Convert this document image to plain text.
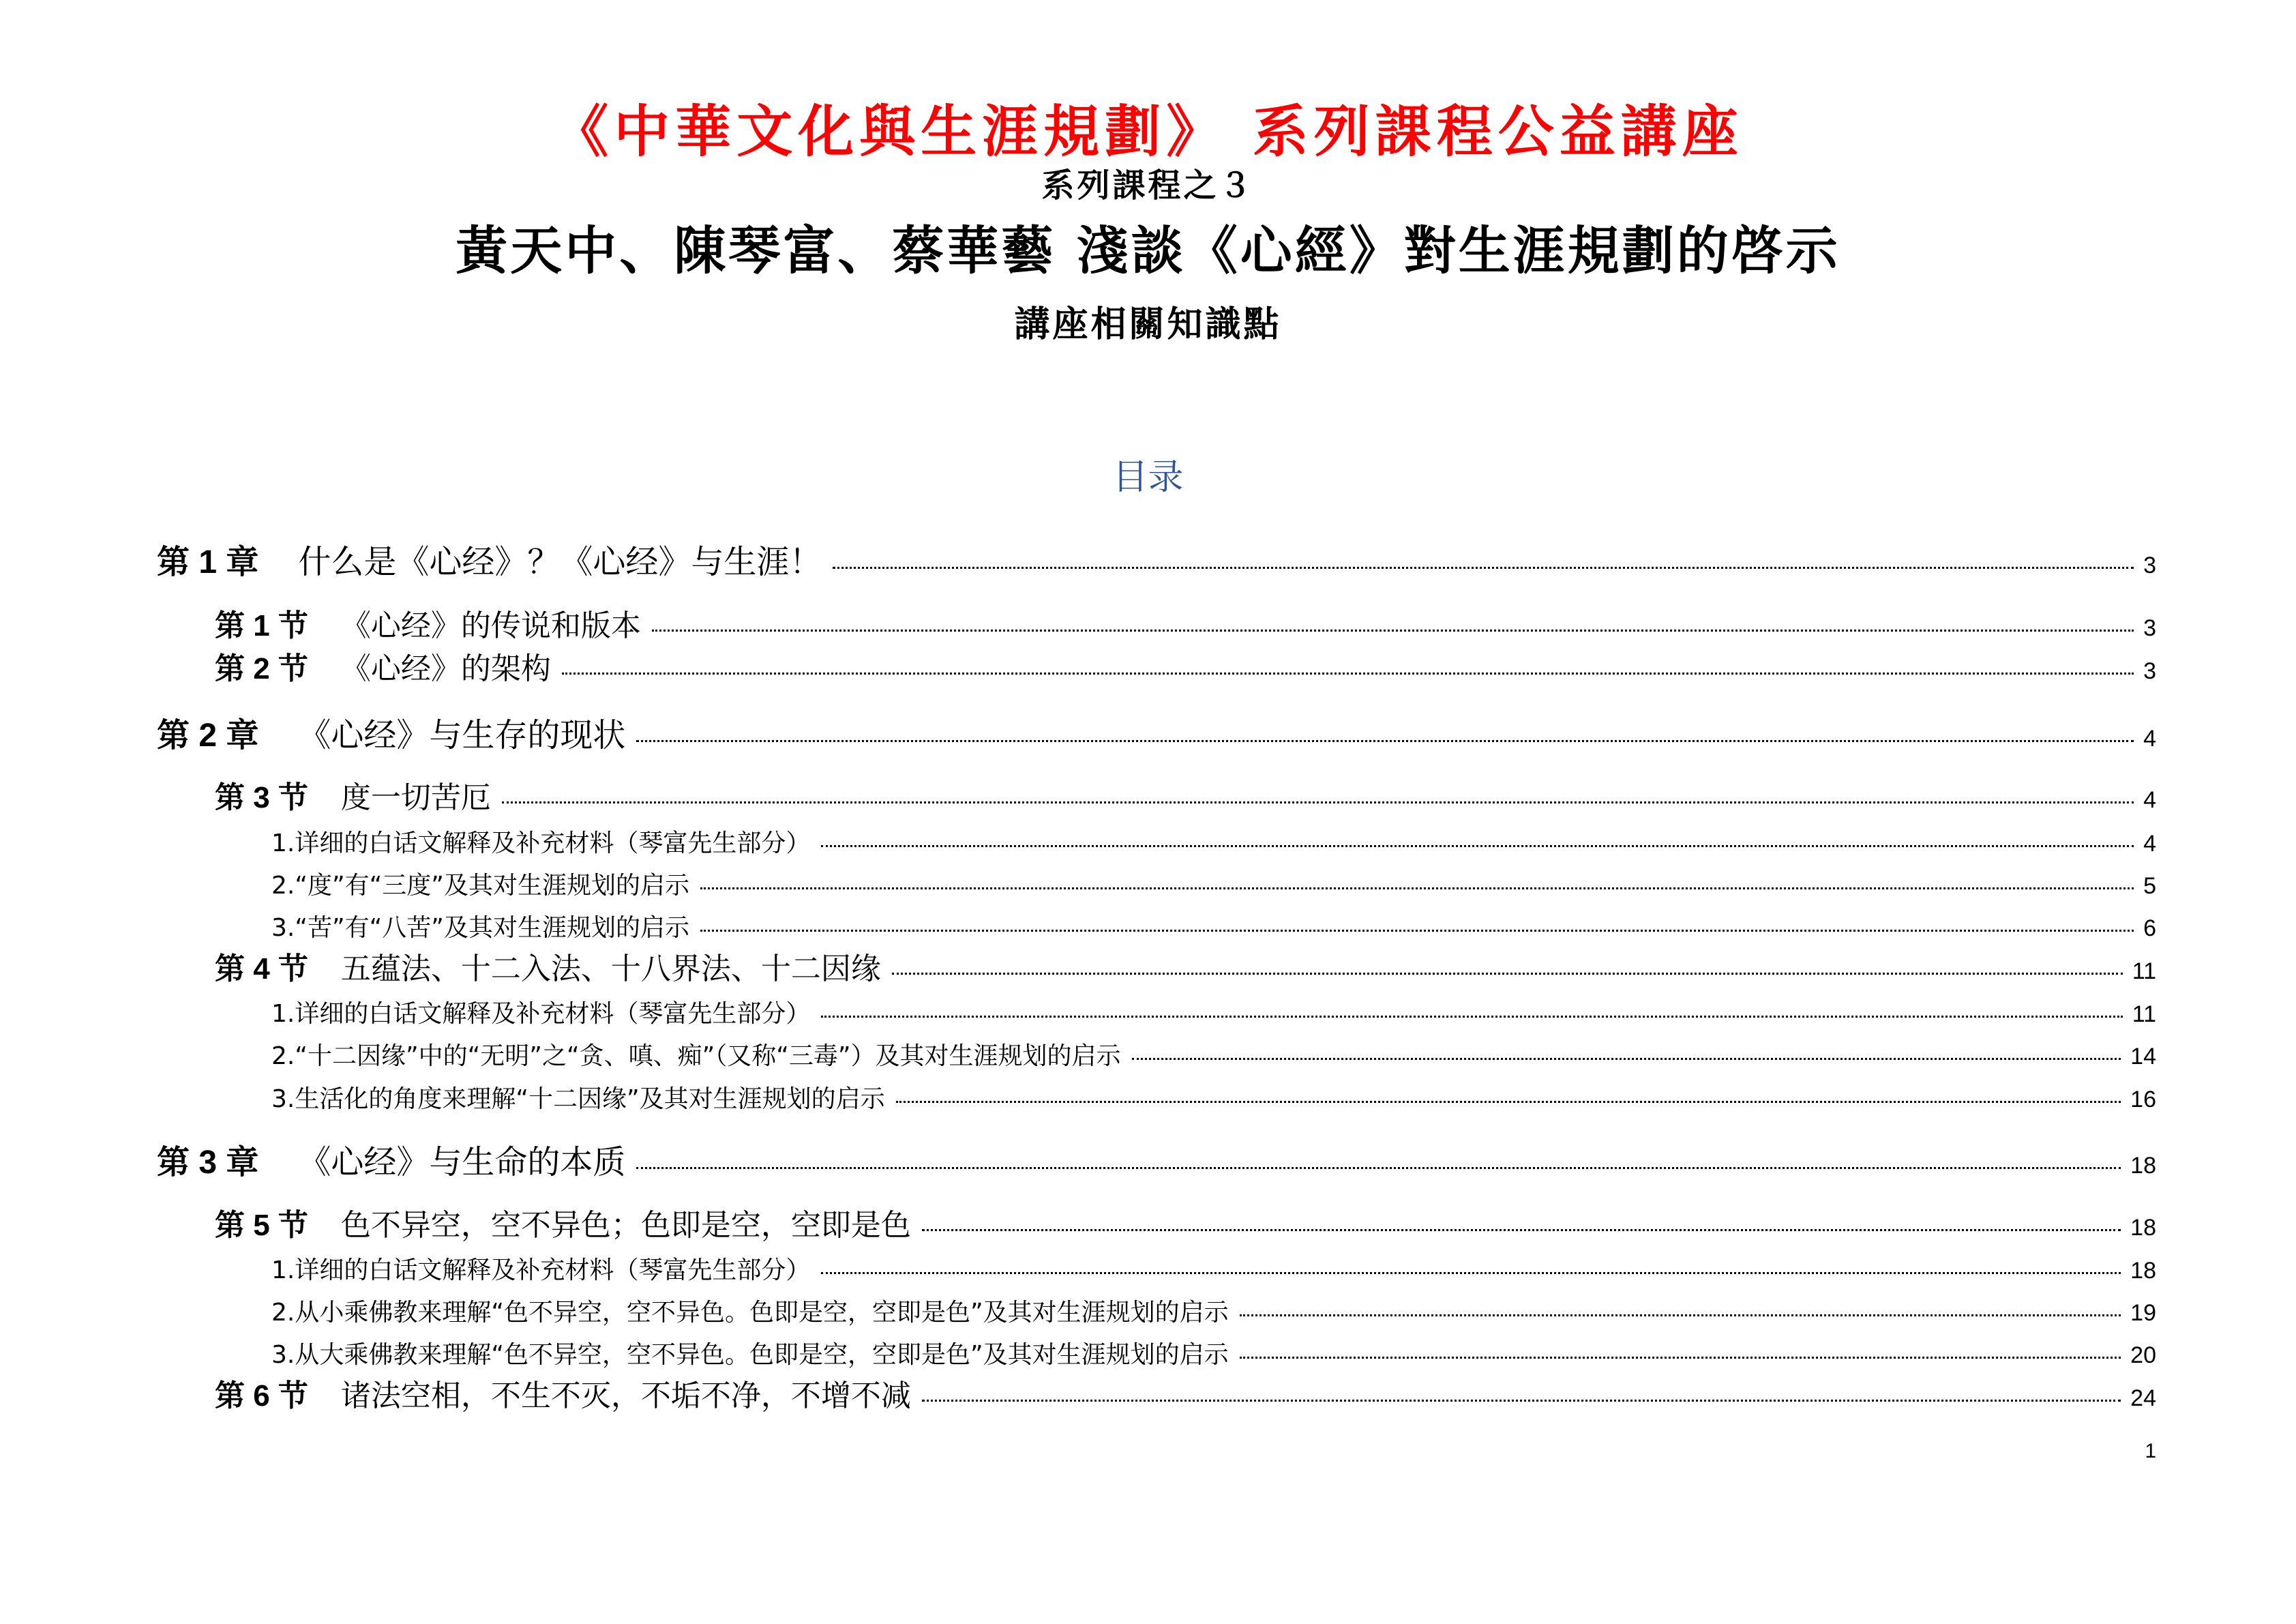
《中華文化與生涯規劃》 系列課程公益講座
系列課程之３
黃天中、陳琴富、蔡華藝 淺談《心經》對生涯規劃的啓示
講座相關知識點
目录
第 1 章 什么是《心经》？《心经》与生涯！	3
第 1 节 《心经》的传说和版本	3
第 2 节 《心经》的架构	3
第 2 章 《心经》与生存的现状	4
第 3 节 度一切苦厄	4
1.详细的白话文解释及补充材料（琴富先生部分）	4
2.“度”有“三度”及其对生涯规划的启示	5
3.“苦”有“八苦”及其对生涯规划的启示	6
第 4 节 五蕴法、十二入法、十八界法、十二因缘	11
1.详细的白话文解释及补充材料（琴富先生部分）	11
2.“十二因缘”中的“无明”之“贪、嗔、痴”（又称“三毒”）及其对生涯规划的启示	14
3.生活化的角度来理解“十二因缘”及其对生涯规划的启示	16
第 3 章 《心经》与生命的本质	18
第 5 节 色不异空，空不异色；色即是空，空即是色	18
1.详细的白话文解释及补充材料（琴富先生部分）	18
2.从小乘佛教来理解“色不异空，空不异色。色即是空，空即是色”及其对生涯规划的启示	19
3.从大乘佛教来理解“色不异空，空不异色。色即是空，空即是色”及其对生涯规划的启示	20
第 6 节 诸法空相，不生不灭，不垢不净，不增不减	24
1
